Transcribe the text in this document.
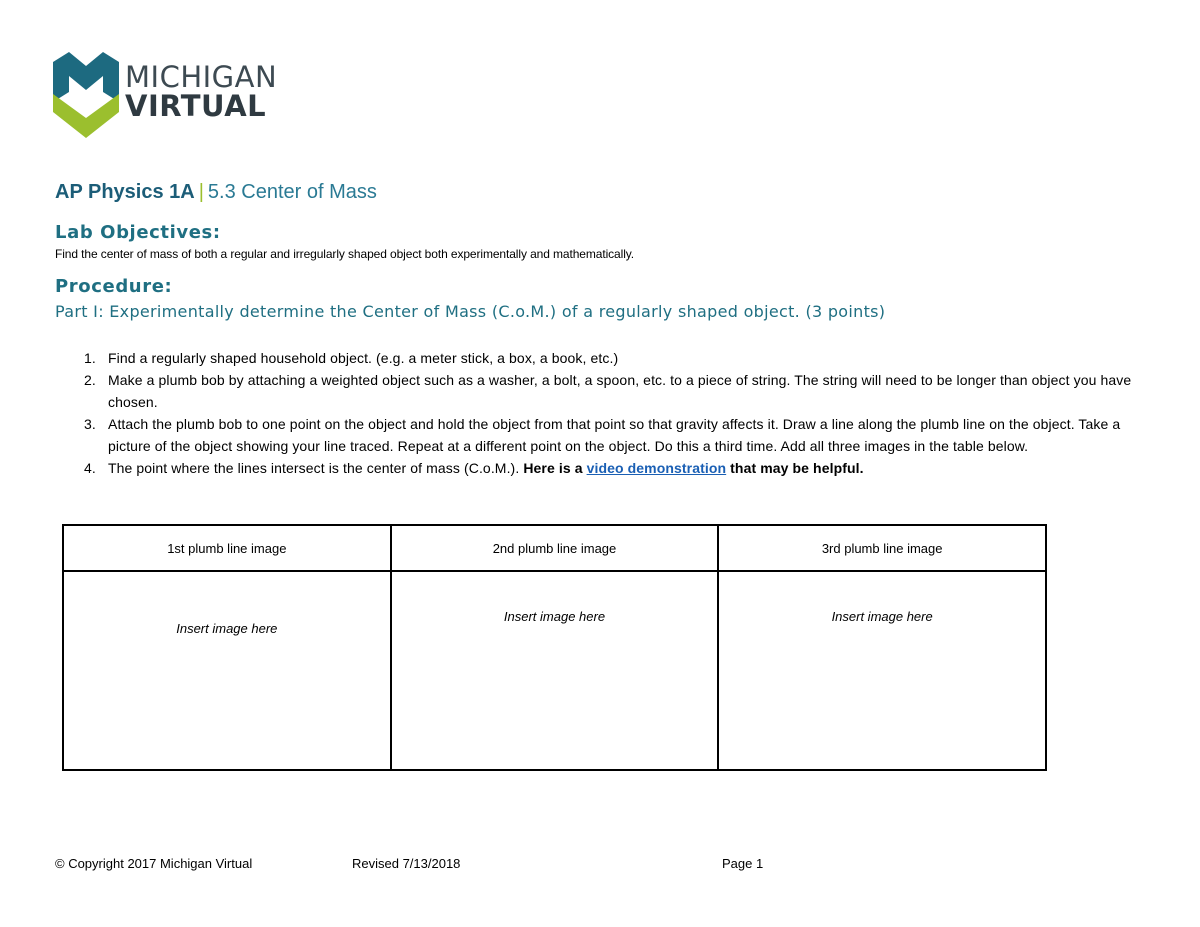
MICHIGAN
VIRTUAL
AP Physics 1A | 5.3 Center of Mass
Lab Objectives:
Find the center of mass of both a regular and irregularly shaped object both experimentally and mathematically.
Procedure:
Part I: Experimentally determine the Center of Mass (C.o.M.) of a regularly shaped object. (3 points)
1. Find a regularly shaped household object. (e.g. a meter stick, a box, a book, etc.)
2. Make a plumb bob by attaching a weighted object such as a washer, a bolt, a spoon, etc. to a piece of string. The string will need to be longer than object you have chosen.
3. Attach the plumb bob to one point on the object and hold the object from that point so that gravity affects it. Draw a line along the plumb line on the object. Take a picture of the object showing your line traced. Repeat at a different point on the object. Do this a third time. Add all three images in the table below.
4. The point where the lines intersect is the center of mass (C.o.M.). Here is a video demonstration that may be helpful.
1st plumb line image	2nd plumb line image	3rd plumb line image

Insert image here	Insert image here	Insert image here
© Copyright 2017 Michigan Virtual	Revised 7/13/2018	Page 1
